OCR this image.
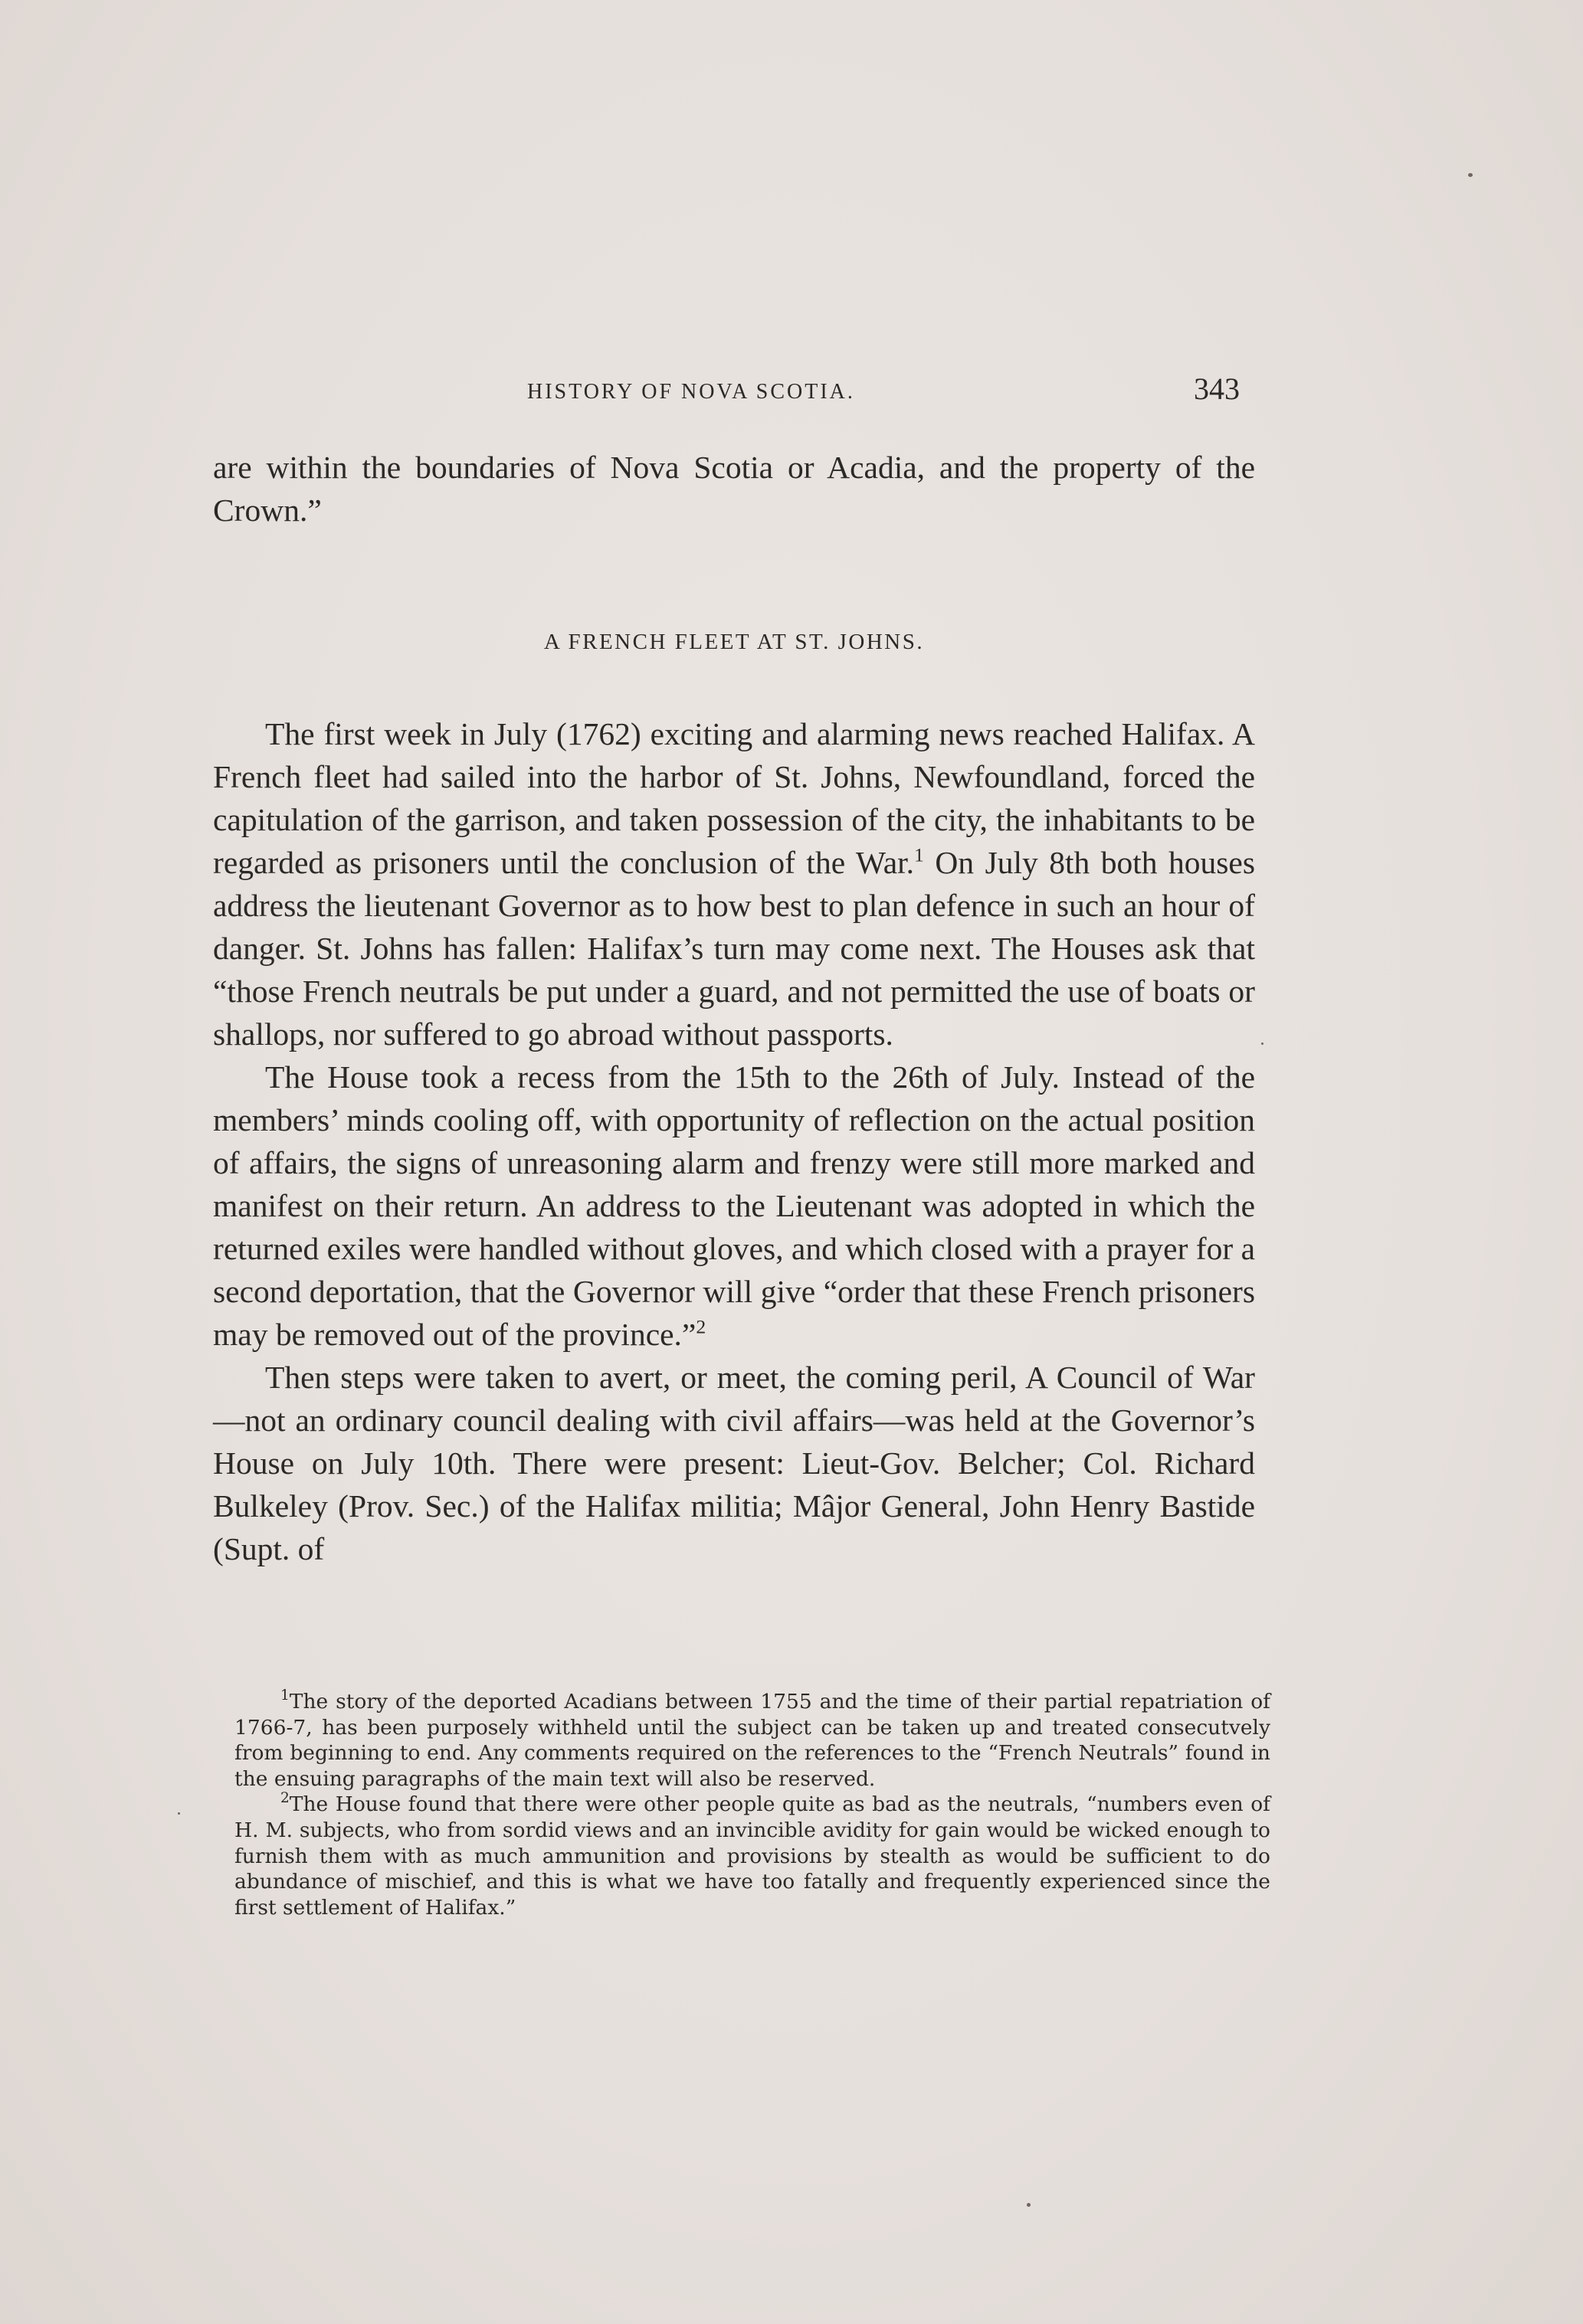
HISTORY OF NOVA SCOTIA.	343

are within the boundaries of Nova Scotia or Acadia, and the property of the Crown.”

A FRENCH FLEET AT ST. JOHNS.

The first week in July (1762) exciting and alarming news reached Halifax. A French fleet had sailed into the harbor of St. Johns, Newfoundland, forced the capitulation of the garrison, and taken possession of the city, the inhabitants to be regarded as prisoners until the conclusion of the War.$^1$ On July 8th both houses address the lieutenant Governor as to how best to plan defence in such an hour of danger. St. Johns has fallen: Halifax’s turn may come next. The Houses ask that “those French neutrals be put under a guard, and not permitted the use of boats or shallops, nor suffered to go abroad without passports.

The House took a recess from the 15th to the 26th of July. Instead of the members’ minds cooling off, with opportunity of reflection on the actual position of affairs, the signs of unreasoning alarm and frenzy were still more marked and manifest on their return. An address to the Lieutenant was adopted in which the returned exiles were handled without gloves, and which closed with a prayer for a second deportation, that the Governor will give “order that these French prisoners may be removed out of the province.”$^2$

Then steps were taken to avert, or meet, the coming peril, A Council of War—not an ordinary council dealing with civil affairs—was held at the Governor’s House on July 10th. There were present: Lieut-Gov. Belcher; Col. Richard Bulkeley (Prov. Sec.) of the Halifax militia; Mâjor General, John Henry Bastide (Supt. of

$^1$The story of the deported Acadians between 1755 and the time of their partial repatriation of 1766-7, has been purposely withheld until the subject can be taken up and treated consecutvely from beginning to end. Any comments required on the references to the “French Neutrals” found in the ensuing paragraphs of the main text will also be reserved.

$^2$The House found that there were other people quite as bad as the neutrals, “numbers even of H. M. subjects, who from sordid views and an invincible avidity for gain would be wicked enough to furnish them with as much ammunition and provisions by stealth as would be sufficient to do abundance of mischief, and this is what we have too fatally and frequently experienced since the first settlement of Halifax.”
